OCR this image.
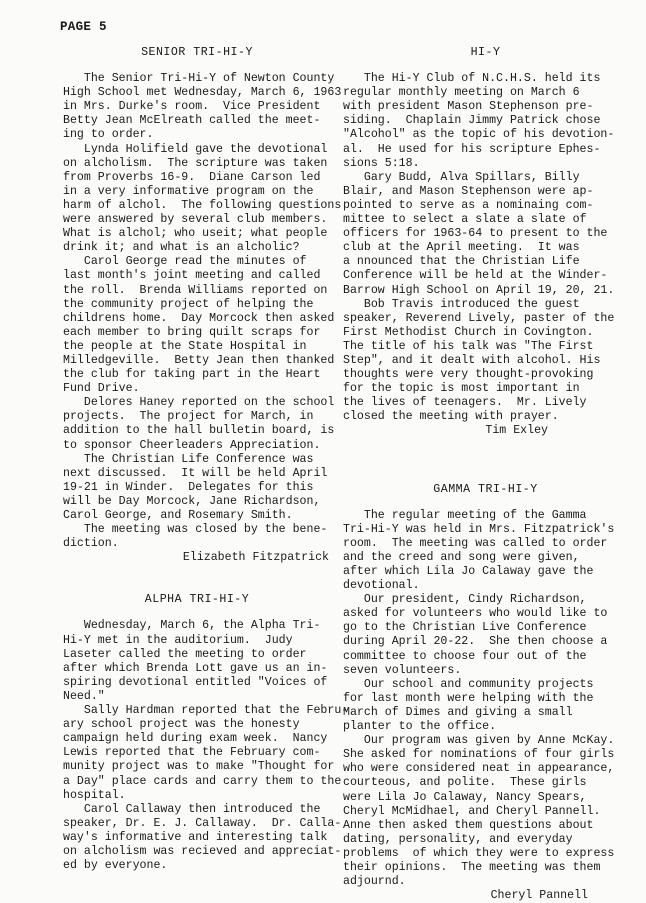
PAGE 5
SENIOR TRI-HI-Y

The Senior Tri-Hi-Y of Newton County
High School met Wednesday, March 6, 1963
in Mrs. Durke's room.  Vice President
Betty Jean McElreath called the meet-
ing to order.

Lynda Holifield gave the devotional
on alcholism.  The scripture was taken
from Proverbs 16-9.  Diane Carson led
in a very informative program on the
harm of alchol.  The following questions
were answered by several club members.
What is alchol; who useit; what people
drink it; and what is an alcholic?

Carol George read the minutes of
last month's joint meeting and called
the roll.  Brenda Williams reported on
the community project of helping the
childrens home.  Day Morcock then asked
each member to bring quilt scraps for
the people at the State Hospital in
Milledgeville.  Betty Jean then thanked
the club for taking part in the Heart
Fund Drive.

Delores Haney reported on the school
projects.  The project for March, in
addition to the hall bulletin board, is
to sponsor Cheerleaders Appreciation.

The Christian Life Conference was
next discussed.  It will be held April
19-21 in Winder.  Delegates for this
will be Day Morcock, Jane Richardson,
Carol George, and Rosemary Smith.

The meeting was closed by the bene-
diction.

Elizabeth Fitzpatrick
ALPHA TRI-HI-Y

Wednesday, March 6, the Alpha Tri-
Hi-Y met in the auditorium.  Judy
Laseter called the meeting to order
after which Brenda Lott gave us an in-
spiring devotional entitled "Voices of
Need."

Sally Hardman reported that the Febru-
ary school project was the honesty
campaign held during exam week.  Nancy
Lewis reported that the February com-
munity project was to make "Thought for
a Day" place cards and carry them to the
hospital.

Carol Callaway then introduced the
speaker, Dr. E. J. Callaway.  Dr. Calla-
way's informative and interesting talk
on alcholism was recieved and appreciat-
ed by everyone.

HI-Y

The Hi-Y Club of N.C.H.S. held its
regular monthly meeting on March 6
with president Mason Stephenson pre-
siding.  Chaplain Jimmy Patrick chose
"Alcohol" as the topic of his devotion-
al.  He used for his scripture Ephes-
sions 5:18.

Gary Budd, Alva Spillars, Billy
Blair, and Mason Stephenson were ap-
pointed to serve as a nominaing com-
mittee to select a slate a slate of
officers for 1963-64 to present to the
club at the April meeting.  It was
a nnounced that the Christian Life
Conference will be held at the Winder-
Barrow High School on April 19, 20, 21.

Bob Travis introduced the guest
speaker, Reverend Lively, paster of the
First Methodist Church in Covington.
The title of his talk was "The First
Step", and it dealt with alcohol. His
thoughts were very thought-provoking
for the topic is most important in
the lives of teenagers.  Mr. Lively
closed the meeting with prayer.

Tim Exley
GAMMA TRI-HI-Y

The regular meeting of the Gamma
Tri-Hi-Y was held in Mrs. Fitzpatrick's
room.  The meeting was called to order
and the creed and song were given,
after which Lila Jo Calaway gave the
devotional.

Our president, Cindy Richardson,
asked for volunteers who would like to
go to the Christian Live Conference
during April 20-22.  She then choose a
committee to choose four out of the
seven volunteers.

Our school and community projects
for last month were helping with the
March of Dimes and giving a small
planter to the office.

Our program was given by Anne McKay.
She asked for nominations of four girls
who were considered neat in appearance,
courteous, and polite.  These girls
were Lila Jo Calaway, Nancy Spears,
Cheryl McMidhael, and Cheryl Pannell.
Anne then asked them questions about
dating, personality, and everyday
problems  of which they were to express
their opinions.  The meeting was them
adjournd.

Cheryl Pannell
